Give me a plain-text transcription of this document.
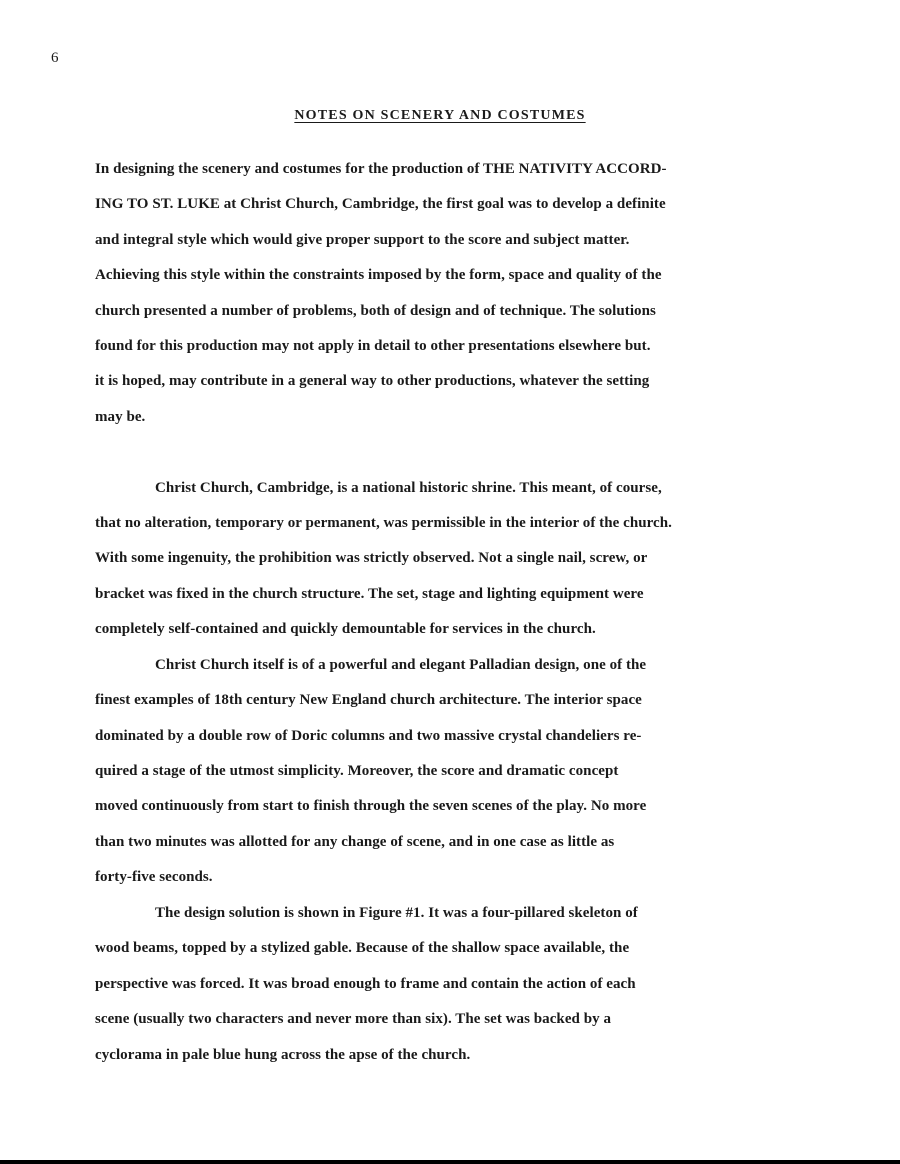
6
NOTES ON SCENERY AND COSTUMES
In designing the scenery and costumes for the production of THE NATIVITY ACCORD-
ING TO ST. LUKE at Christ Church, Cambridge, the first goal was to develop a definite
and integral style which would give proper support to the score and subject matter.
Achieving this style within the constraints imposed by the form, space and quality of the
church presented a number of problems, both of design and of technique. The solutions
found for this production may not apply in detail to other presentations elsewhere but.
it is hoped, may contribute in a general way to other productions, whatever the setting
may be.
Christ Church, Cambridge, is a national historic shrine. This meant, of course,
that no alteration, temporary or permanent, was permissible in the interior of the church.
With some ingenuity, the prohibition was strictly observed. Not a single nail, screw, or
bracket was fixed in the church structure. The set, stage and lighting equipment were
completely self-contained and quickly demountable for services in the church.
Christ Church itself is of a powerful and elegant Palladian design, one of the
finest examples of 18th century New England church architecture. The interior space
dominated by a double row of Doric columns and two massive crystal chandeliers re-
quired a stage of the utmost simplicity. Moreover, the score and dramatic concept
moved continuously from start to finish through the seven scenes of the play. No more
than two minutes was allotted for any change of scene, and in one case as little as
forty-five seconds.
The design solution is shown in Figure #1. It was a four-pillared skeleton of
wood beams, topped by a stylized gable. Because of the shallow space available, the
perspective was forced. It was broad enough to frame and contain the action of each
scene (usually two characters and never more than six). The set was backed by a
cyclorama in pale blue hung across the apse of the church.
